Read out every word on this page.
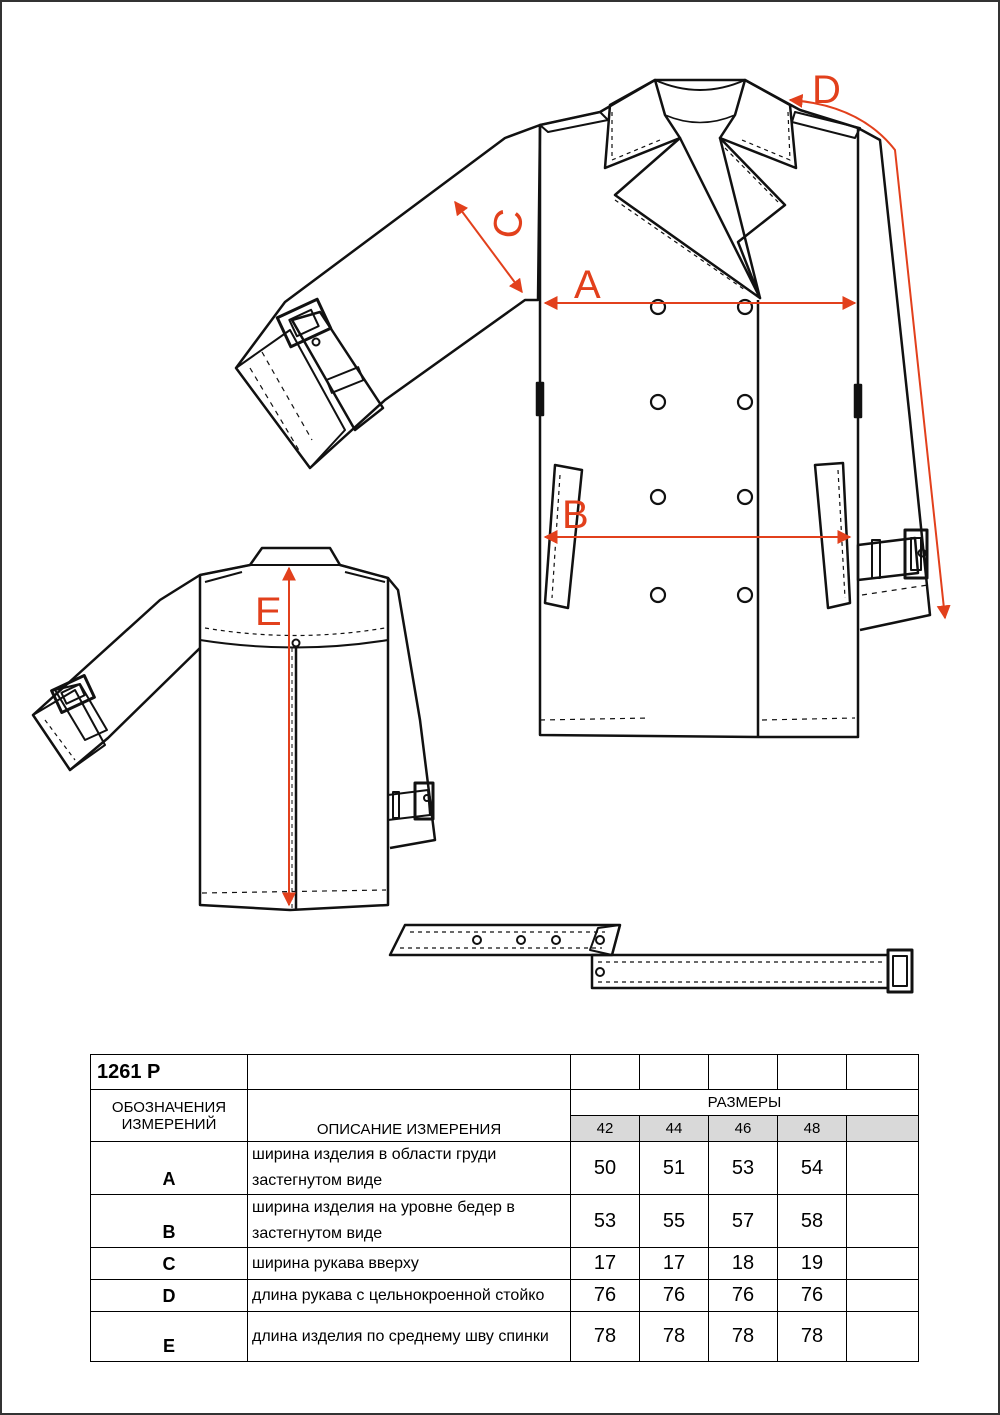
A
B
C
D
E
1261 Р						
ОБОЗНАЧЕНИЯ ИЗМЕРЕНИЙ	ОПИСАНИЕ ИЗМЕРЕНИЯ	РАЗМЕРЫ				
		42	44	46	48	
A	ширина изделия в области груди застегнутом виде	50	51	53	54	
B	ширина изделия на уровне бедер в застегнутом виде	53	55	57	58	
C	ширина рукава вверху	17	17	18	19	
D	длина рукава с цельнокроенной стойко	76	76	76	76	
E	длина изделия по среднему шву спинки	78	78	78	78	
